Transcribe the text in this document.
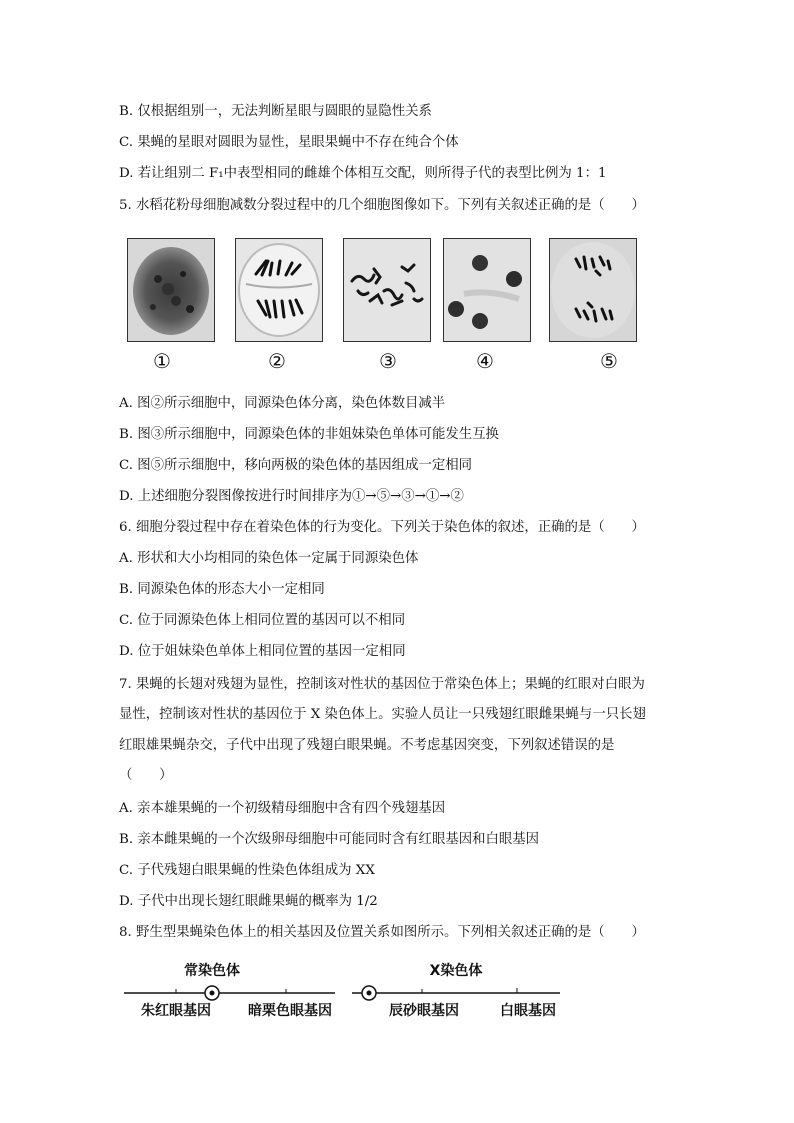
B. 仅根据组别一，无法判断星眼与圆眼的显隐性关系
C. 果蝇的星眼对圆眼为显性，星眼果蝇中不存在纯合个体
D. 若让组别二 F₁中表型相同的雌雄个体相互交配，则所得子代的表型比例为 1：1
5. 水稻花粉母细胞减数分裂过程中的几个细胞图像如下。下列有关叙述正确的是（　　）
①	②	③	④	⑤
A. 图②所示细胞中，同源染色体分离，染色体数目减半
B. 图③所示细胞中，同源染色体的非姐妹染色单体可能发生互换
C. 图⑤所示细胞中，移向两极的染色体的基因组成一定相同
D. 上述细胞分裂图像按进行时间排序为①→⑤→③→①→②
6. 细胞分裂过程中存在着染色体的行为变化。下列关于染色体的叙述，正确的是（　　）
A. 形状和大小均相同的染色体一定属于同源染色体
B. 同源染色体的形态大小一定相同
C. 位于同源染色体上相同位置的基因可以不相同
D. 位于姐妹染色单体上相同位置的基因一定相同
7. 果蝇的长翅对残翅为显性，控制该对性状的基因位于常染色体上；果蝇的红眼对白眼为
显性，控制该对性状的基因位于 X 染色体上。实验人员让一只残翅红眼雌果蝇与一只长翅
红眼雄果蝇杂交，子代中出现了残翅白眼果蝇。不考虑基因突变，下列叙述错误的是
（　　）
A. 亲本雄果蝇的一个初级精母细胞中含有四个残翅基因
B. 亲本雌果蝇的一个次级卵母细胞中可能同时含有红眼基因和白眼基因
C. 子代残翅白眼果蝇的性染色体组成为 XX
D. 子代中出现长翅红眼雌果蝇的概率为 1/2
8. 野生型果蝇染色体上的相关基因及位置关系如图所示。下列相关叙述正确的是（　　）
常染色体
朱红眼基因	暗栗色眼基因
X染色体
辰砂眼基因	白眼基因
